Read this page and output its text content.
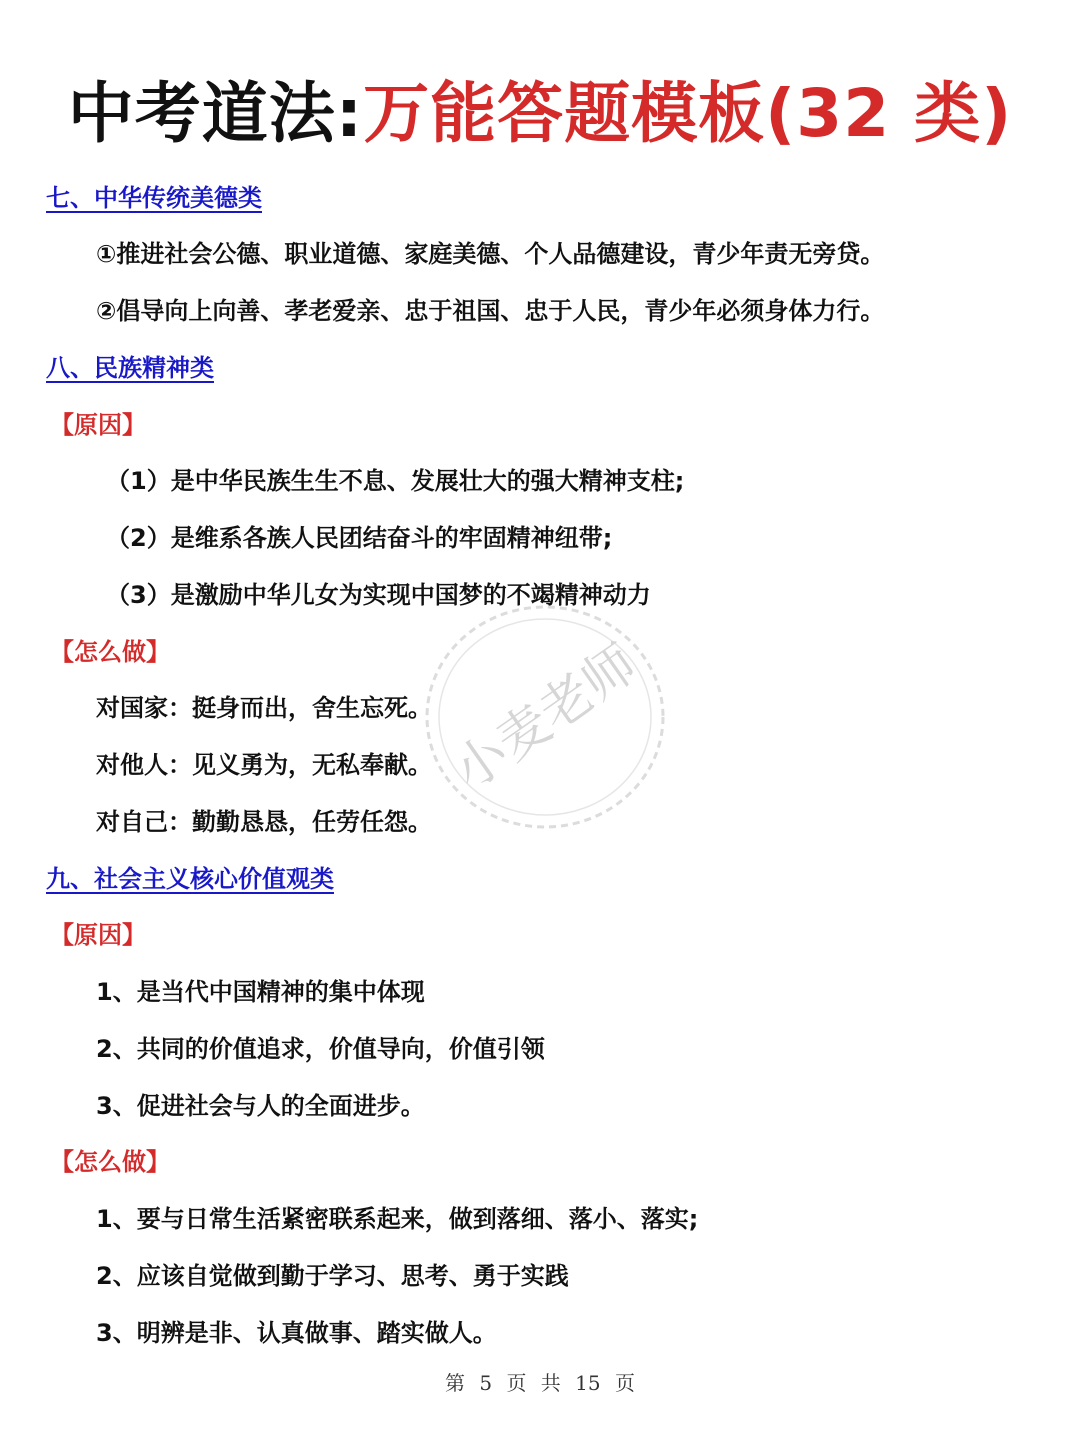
中考道法:万能答题模板(32 类)
七、中华传统美德类
①推进社会公德、职业道德、家庭美德、个人品德建设，青少年责无旁贷。
②倡导向上向善、孝老爱亲、忠于祖国、忠于人民，青少年必须身体力行。
八、民族精神类
【原因】
（1）是中华民族生生不息、发展壮大的强大精神支柱;
（2）是维系各族人民团结奋斗的牢固精神纽带;
（3）是激励中华儿女为实现中国梦的不竭精神动力
【怎么做】
对国家：挺身而出，舍生忘死。
对他人：见义勇为，无私奉献。
对自己：勤勤恳恳，任劳任怨。
九、社会主义核心价值观类
【原因】
1、是当代中国精神的集中体现
2、共同的价值追求，价值导向，价值引领
3、促进社会与人的全面进步。
【怎么做】
1、要与日常生活紧密联系起来，做到落细、落小、落实;
2、应该自觉做到勤于学习、思考、勇于实践
3、明辨是非、认真做事、踏实做人。
小麦老师
第 5 页 共 15 页
